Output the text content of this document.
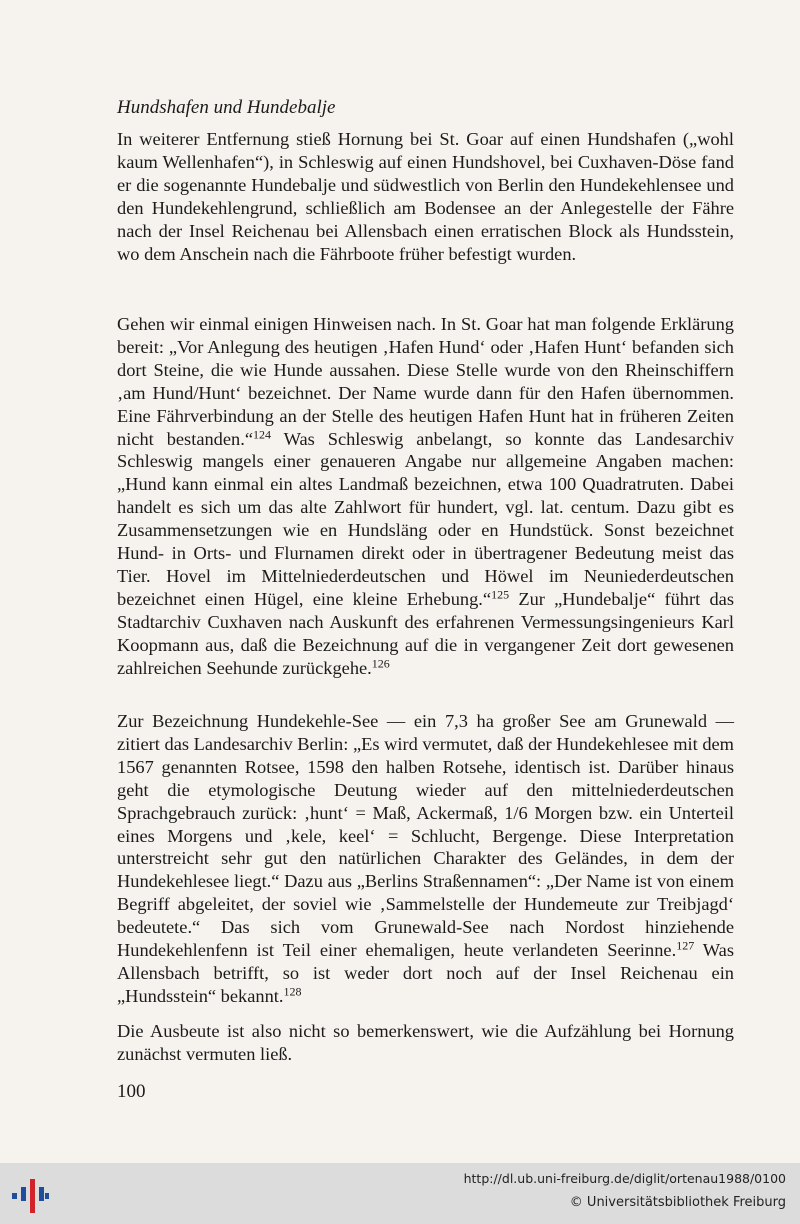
Hundshafen und Hundebalje

In weiterer Entfernung stieß Hornung bei St. Goar auf einen Hundshafen („wohl kaum Wellenhafen“), in Schleswig auf einen Hundshovel, bei Cuxhaven-Döse fand er die sogenannte Hundebalje und südwestlich von Berlin den Hundekehlensee und den Hundekehlengrund, schließlich am Bodensee an der Anlegestelle der Fähre nach der Insel Reichenau bei Allensbach einen erratischen Block als Hundsstein, wo dem Anschein nach die Fährboote früher befestigt wurden.

Gehen wir einmal einigen Hinweisen nach. In St. Goar hat man folgende Erklärung bereit: „Vor Anlegung des heutigen ‚Hafen Hund‘ oder ‚Hafen Hunt‘ befanden sich dort Steine, die wie Hunde aussahen. Diese Stelle wurde von den Rheinschiffern ‚am Hund/Hunt‘ bezeichnet. Der Name wurde dann für den Hafen übernommen. Eine Fährverbindung an der Stelle des heutigen Hafen Hunt hat in früheren Zeiten nicht bestanden.“$^{124}$ Was Schleswig anbelangt, so konnte das Landesarchiv Schleswig mangels einer genaueren Angabe nur allgemeine Angaben machen: „Hund kann einmal ein altes Landmaß bezeichnen, etwa 100 Quadratruten. Dabei handelt es sich um das alte Zahlwort für hundert, vgl. lat. centum. Dazu gibt es Zusammensetzungen wie en Hundsläng oder en Hundstück. Sonst bezeichnet Hund- in Orts- und Flurnamen direkt oder in übertragener Bedeutung meist das Tier. Hovel im Mittelniederdeutschen und Höwel im Neuniederdeutschen bezeichnet einen Hügel, eine kleine Erhebung.“$^{125}$ Zur „Hundebalje“ führt das Stadtarchiv Cuxhaven nach Auskunft des erfahrenen Vermessungsingenieurs Karl Koopmann aus, daß die Bezeichnung auf die in vergangener Zeit dort gewesenen zahlreichen Seehunde zurückgehe.$^{126}$

Zur Bezeichnung Hundekehle-See — ein 7,3 ha großer See am Grunewald — zitiert das Landesarchiv Berlin: „Es wird vermutet, daß der Hundekehlesee mit dem 1567 genannten Rotsee, 1598 den halben Rotsehe, identisch ist. Darüber hinaus geht die etymologische Deutung wieder auf den mittelniederdeutschen Sprachgebrauch zurück: ‚hunt‘ = Maß, Ackermaß, 1/6 Morgen bzw. ein Unterteil eines Morgens und ‚kele, keel‘ = Schlucht, Bergenge. Diese Interpretation unterstreicht sehr gut den natürlichen Charakter des Geländes, in dem der Hundekehlesee liegt.“ Dazu aus „Berlins Straßennamen“: „Der Name ist von einem Begriff abgeleitet, der soviel wie ‚Sammelstelle der Hundemeute zur Treibjagd‘ bedeutete.“ Das sich vom Grunewald-See nach Nordost hinziehende Hundekehlenfenn ist Teil einer ehemaligen, heute verlandeten Seerinne.$^{127}$ Was Allensbach betrifft, so ist weder dort noch auf der Insel Reichenau ein „Hundsstein“ bekannt.$^{128}$

Die Ausbeute ist also nicht so bemerkenswert, wie die Aufzählung bei Hornung zunächst vermuten ließ.

100
http://dl.ub.uni-freiburg.de/diglit/ortenau1988/0100
© Universitätsbibliothek Freiburg
